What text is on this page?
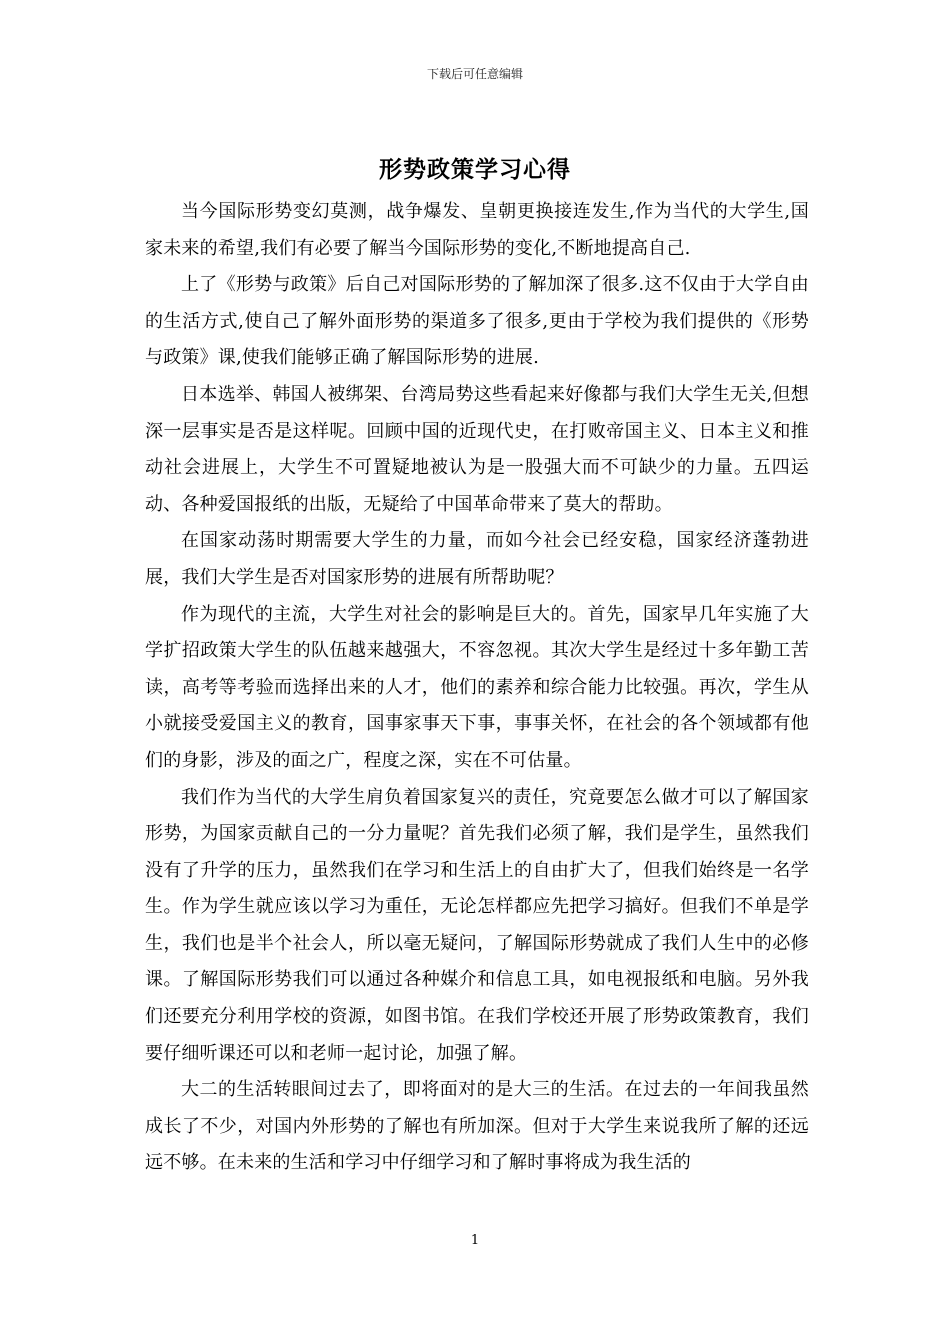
下载后可任意编辑
形势政策学习心得

当今国际形势变幻莫测，战争爆发、皇朝更换接连发生,作为当代的大学生,国家未来的希望,我们有必要了解当今国际形势的变化,不断地提高自己.

上了《形势与政策》后自己对国际形势的了解加深了很多.这不仅由于大学自由的生活方式,使自己了解外面形势的渠道多了很多,更由于学校为我们提供的《形势与政策》课,使我们能够正确了解国际形势的进展.

日本选举、韩国人被绑架、台湾局势这些看起来好像都与我们大学生无关,但想深一层事实是否是这样呢。回顾中国的近现代史，在打败帝国主义、日本主义和推动社会进展上，大学生不可置疑地被认为是一股强大而不可缺少的力量。五四运动、各种爱国报纸的出版，无疑给了中国革命带来了莫大的帮助。

在国家动荡时期需要大学生的力量，而如今社会已经安稳，国家经济蓬勃进展，我们大学生是否对国家形势的进展有所帮助呢？

作为现代的主流，大学生对社会的影响是巨大的。首先，国家早几年实施了大学扩招政策大学生的队伍越来越强大，不容忽视。其次大学生是经过十多年勤工苦读，高考等考验而选择出来的人才，他们的素养和综合能力比较强。再次，学生从小就接受爱国主义的教育，国事家事天下事，事事关怀，在社会的各个领域都有他们的身影，涉及的面之广，程度之深，实在不可估量。

我们作为当代的大学生肩负着国家复兴的责任，究竟要怎么做才可以了解国家形势，为国家贡献自己的一分力量呢？首先我们必须了解，我们是学生，虽然我们没有了升学的压力，虽然我们在学习和生活上的自由扩大了，但我们始终是一名学生。作为学生就应该以学习为重任，无论怎样都应先把学习搞好。但我们不单是学生，我们也是半个社会人，所以毫无疑问，了解国际形势就成了我们人生中的必修课。了解国际形势我们可以通过各种媒介和信息工具，如电视报纸和电脑。另外我们还要充分利用学校的资源，如图书馆。在我们学校还开展了形势政策教育，我们要仔细听课还可以和老师一起讨论，加强了解。

大二的生活转眼间过去了，即将面对的是大三的生活。在过去的一年间我虽然成长了不少，对国内外形势的了解也有所加深。但对于大学生来说我所了解的还远远不够。在未来的生活和学习中仔细学习和了解时事将成为我生活的

1
